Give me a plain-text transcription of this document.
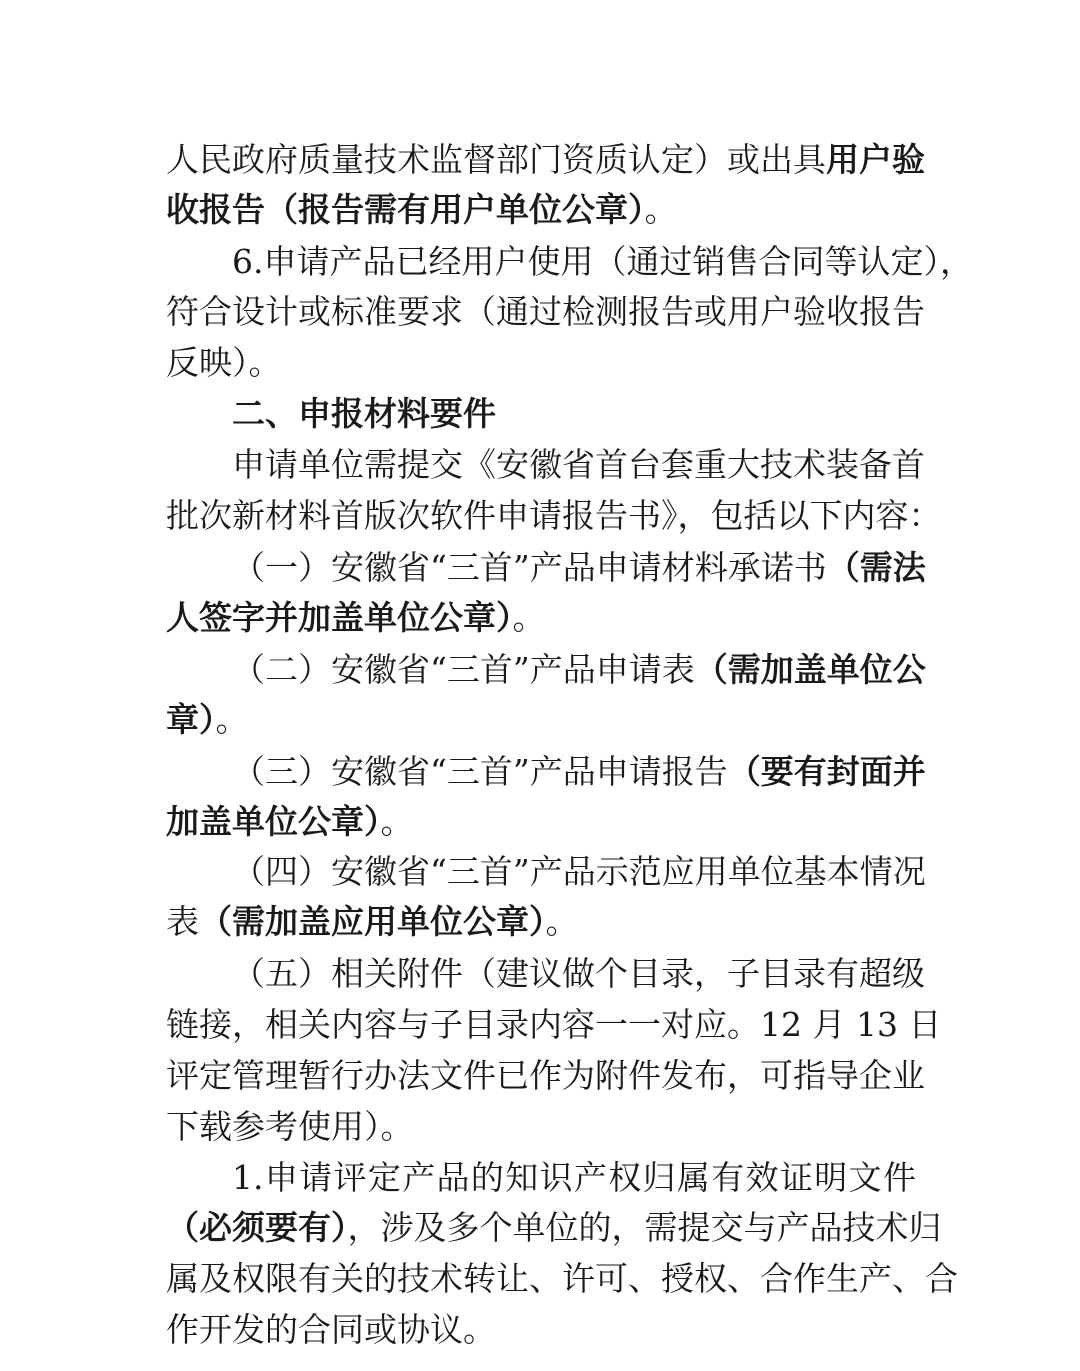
人民政府质量技术监督部门资质认定）或出具用户验
收报告（报告需有用户单位公章）。
6.申请产品已经用户使用（通过销售合同等认定），
符合设计或标准要求（通过检测报告或用户验收报告
反映）。
二、申报材料要件
申请单位需提交《安徽省首台套重大技术装备首
批次新材料首版次软件申请报告书》，包括以下内容：
（一）安徽省“三首”产品申请材料承诺书（需法
人签字并加盖单位公章）。
（二）安徽省“三首”产品申请表（需加盖单位公
章）。
（三）安徽省“三首”产品申请报告（要有封面并
加盖单位公章）。
（四）安徽省“三首”产品示范应用单位基本情况
表（需加盖应用单位公章）。
（五）相关附件（建议做个目录，子目录有超级
链接，相关内容与子目录内容一一对应。12 月 13 日
评定管理暂行办法文件已作为附件发布，可指导企业
下载参考使用）。
1.申请评定产品的知识产权归属有效证明文件
（必须要有），涉及多个单位的，需提交与产品技术归
属及权限有关的技术转让、许可、授权、合作生产、合
作开发的合同或协议。
